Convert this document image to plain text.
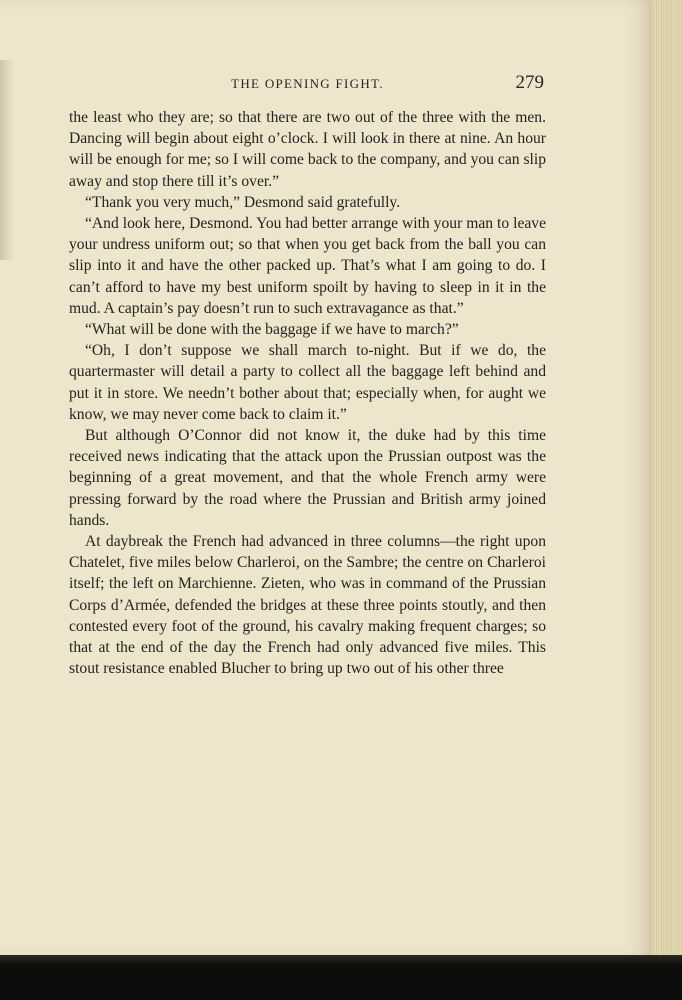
THE OPENING FIGHT.	279

the least who they are; so that there are two out of the three with the men. Dancing will begin about eight o’clock. I will look in there at nine. An hour will be enough for me; so I will come back to the company, and you can slip away and stop there till it’s over.”

“Thank you very much,” Desmond said gratefully.

“And look here, Desmond. You had better arrange with your man to leave your undress uniform out; so that when you get back from the ball you can slip into it and have the other packed up. That’s what I am going to do. I can’t afford to have my best uniform spoilt by having to sleep in it in the mud. A captain’s pay doesn’t run to such extravagance as that.”

“What will be done with the baggage if we have to march?”

“Oh, I don’t suppose we shall march to-night. But if we do, the quartermaster will detail a party to collect all the baggage left behind and put it in store. We needn’t bother about that; especially when, for aught we know, we may never come back to claim it.”

But although O’Connor did not know it, the duke had by this time received news indicating that the attack upon the Prussian outpost was the beginning of a great movement, and that the whole French army were pressing forward by the road where the Prussian and British army joined hands.

At daybreak the French had advanced in three columns—the right upon Chatelet, five miles below Charleroi, on the Sambre; the centre on Charleroi itself; the left on Marchienne. Zieten, who was in command of the Prussian Corps d’Armée, defended the bridges at these three points stoutly, and then contested every foot of the ground, his cavalry making frequent charges; so that at the end of the day the French had only advanced five miles. This stout resistance enabled Blucher to bring up two out of his other three
